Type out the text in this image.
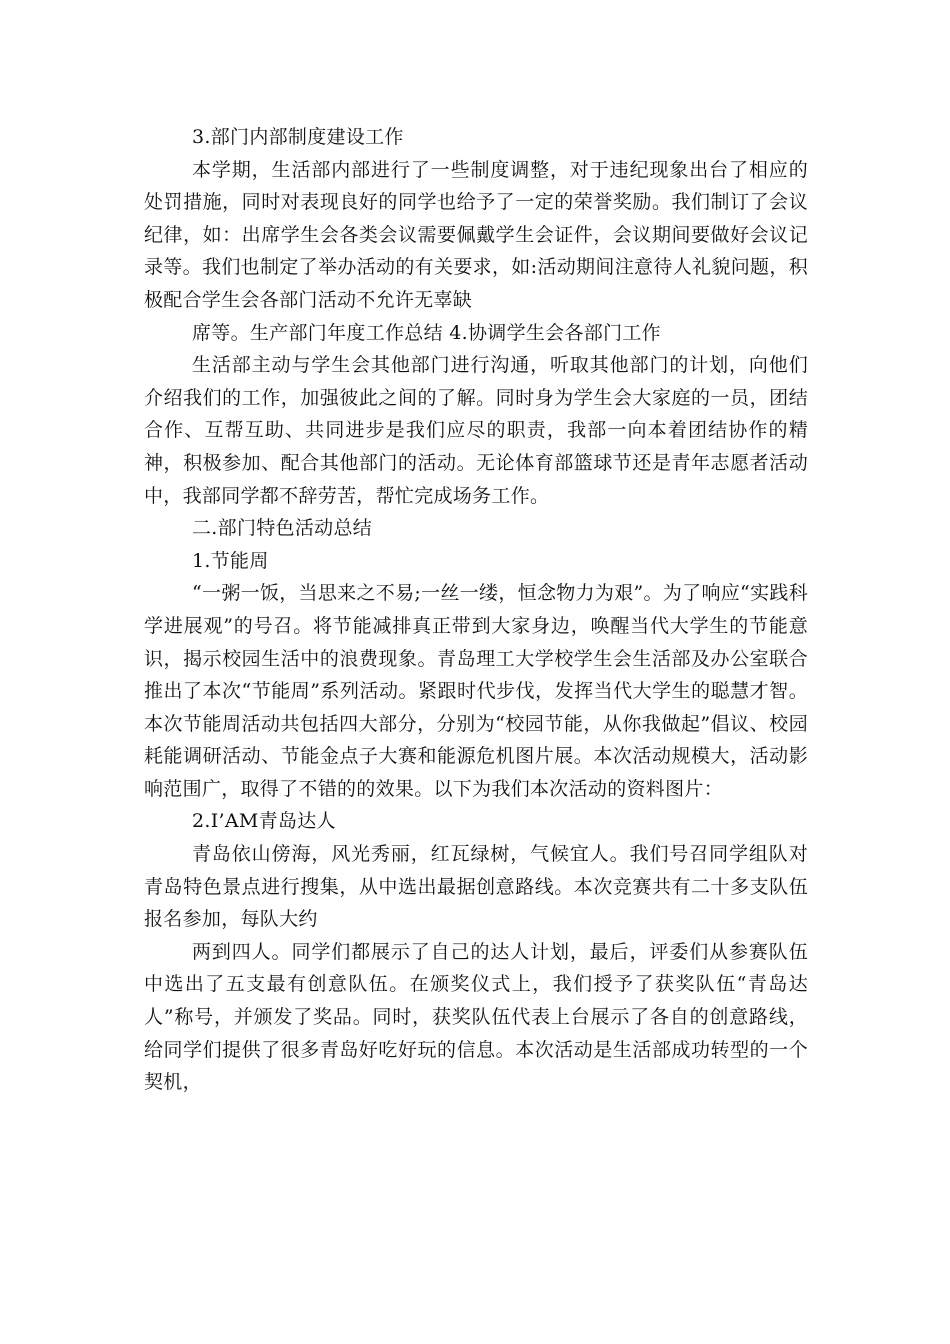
3.部门内部制度建设工作

本学期，生活部内部进行了一些制度调整，对于违纪现象出台了相应的处罚措施，同时对表现良好的同学也给予了一定的荣誉奖励。我们制订了会议纪律，如：出席学生会各类会议需要佩戴学生会证件，会议期间要做好会议记录等。我们也制定了举办活动的有关要求，如:活动期间注意待人礼貌问题，积极配合学生会各部门活动不允许无辜缺

席等。生产部门年度工作总结 4.协调学生会各部门工作

生活部主动与学生会其他部门进行沟通，听取其他部门的计划，向他们介绍我们的工作，加强彼此之间的了解。同时身为学生会大家庭的一员，团结合作、互帮互助、共同进步是我们应尽的职责，我部一向本着团结协作的精神，积极参加、配合其他部门的活动。无论体育部篮球节还是青年志愿者活动中，我部同学都不辞劳苦，帮忙完成场务工作。

二.部门特色活动总结

1.节能周

“一粥一饭，当思来之不易;一丝一缕，恒念物力为艰”。为了响应“实践科学进展观”的号召。将节能减排真正带到大家身边，唤醒当代大学生的节能意识，揭示校园生活中的浪费现象。青岛理工大学校学生会生活部及办公室联合推出了本次“节能周”系列活动。紧跟时代步伐，发挥当代大学生的聪慧才智。本次节能周活动共包括四大部分，分别为“校园节能，从你我做起”倡议、校园耗能调研活动、节能金点子大赛和能源危机图片展。本次活动规模大，活动影响范围广，取得了不错的的效果。以下为我们本次活动的资料图片：

2.I’AM青岛达人

青岛依山傍海，风光秀丽，红瓦绿树，气候宜人。我们号召同学组队对青岛特色景点进行搜集，从中选出最据创意路线。本次竞赛共有二十多支队伍报名参加，每队大约

两到四人。同学们都展示了自己的达人计划，最后，评委们从参赛队伍中选出了五支最有创意队伍。在颁奖仪式上，我们授予了获奖队伍“青岛达人”称号，并颁发了奖品。同时，获奖队伍代表上台展示了各自的创意路线，给同学们提供了很多青岛好吃好玩的信息。本次活动是生活部成功转型的一个契机，
